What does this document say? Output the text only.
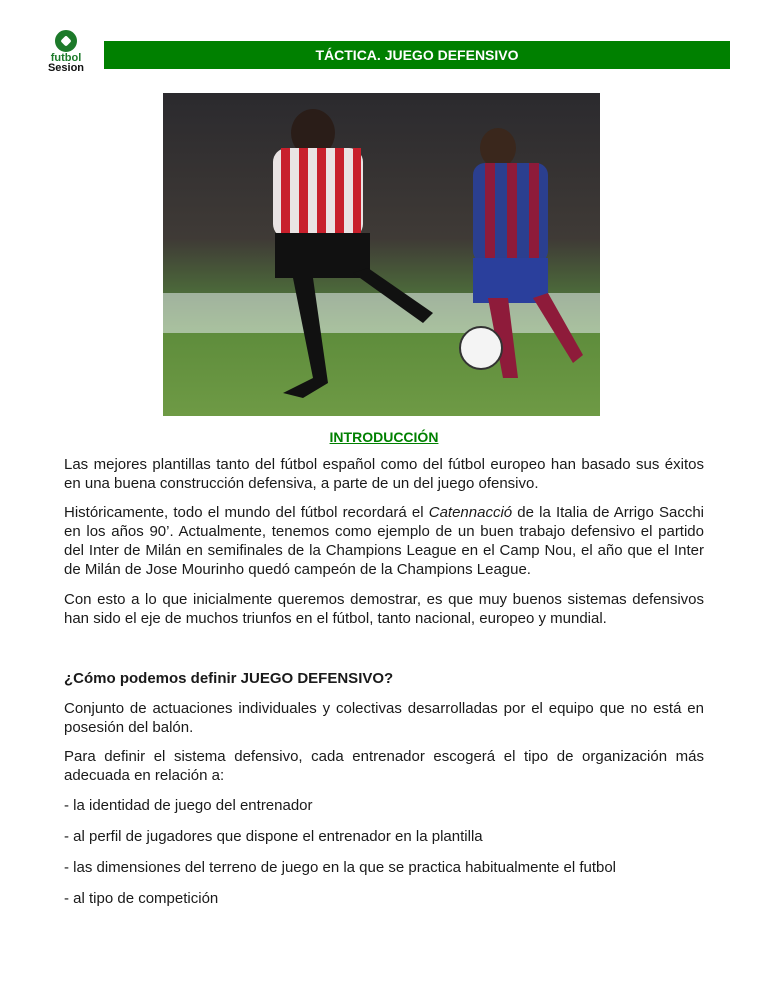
futbol
Sesion
TÁCTICA. JUEGO DEFENSIVO
INTRODUCCIÓN

Las mejores plantillas tanto del fútbol español como del fútbol europeo han basado sus éxitos en una buena construcción defensiva, a parte de un del juego ofensivo.

Históricamente, todo el mundo del fútbol recordará el Catennacció de la Italia de Arrigo Sacchi en los años 90’. Actualmente, tenemos como ejemplo de un buen trabajo defensivo el partido del Inter de Milán en semifinales de la Champions League en el Camp Nou, el año que el Inter de Milán de Jose Mourinho quedó campeón de la Champions League.

Con esto a lo que inicialmente queremos demostrar, es que muy buenos sistemas defensivos han sido el eje de muchos triunfos en el fútbol, tanto nacional, europeo y mundial.

¿Cómo podemos definir JUEGO DEFENSIVO?

Conjunto de actuaciones individuales y colectivas desarrolladas por el equipo que no está en posesión del balón.

Para definir el sistema defensivo, cada entrenador escogerá el tipo de organización más adecuada en relación a:

- la identidad de juego del entrenador

- al perfil de jugadores que dispone el entrenador en la plantilla

- las dimensiones del terreno de juego en la que se practica habitualmente el futbol

- al tipo de competición
